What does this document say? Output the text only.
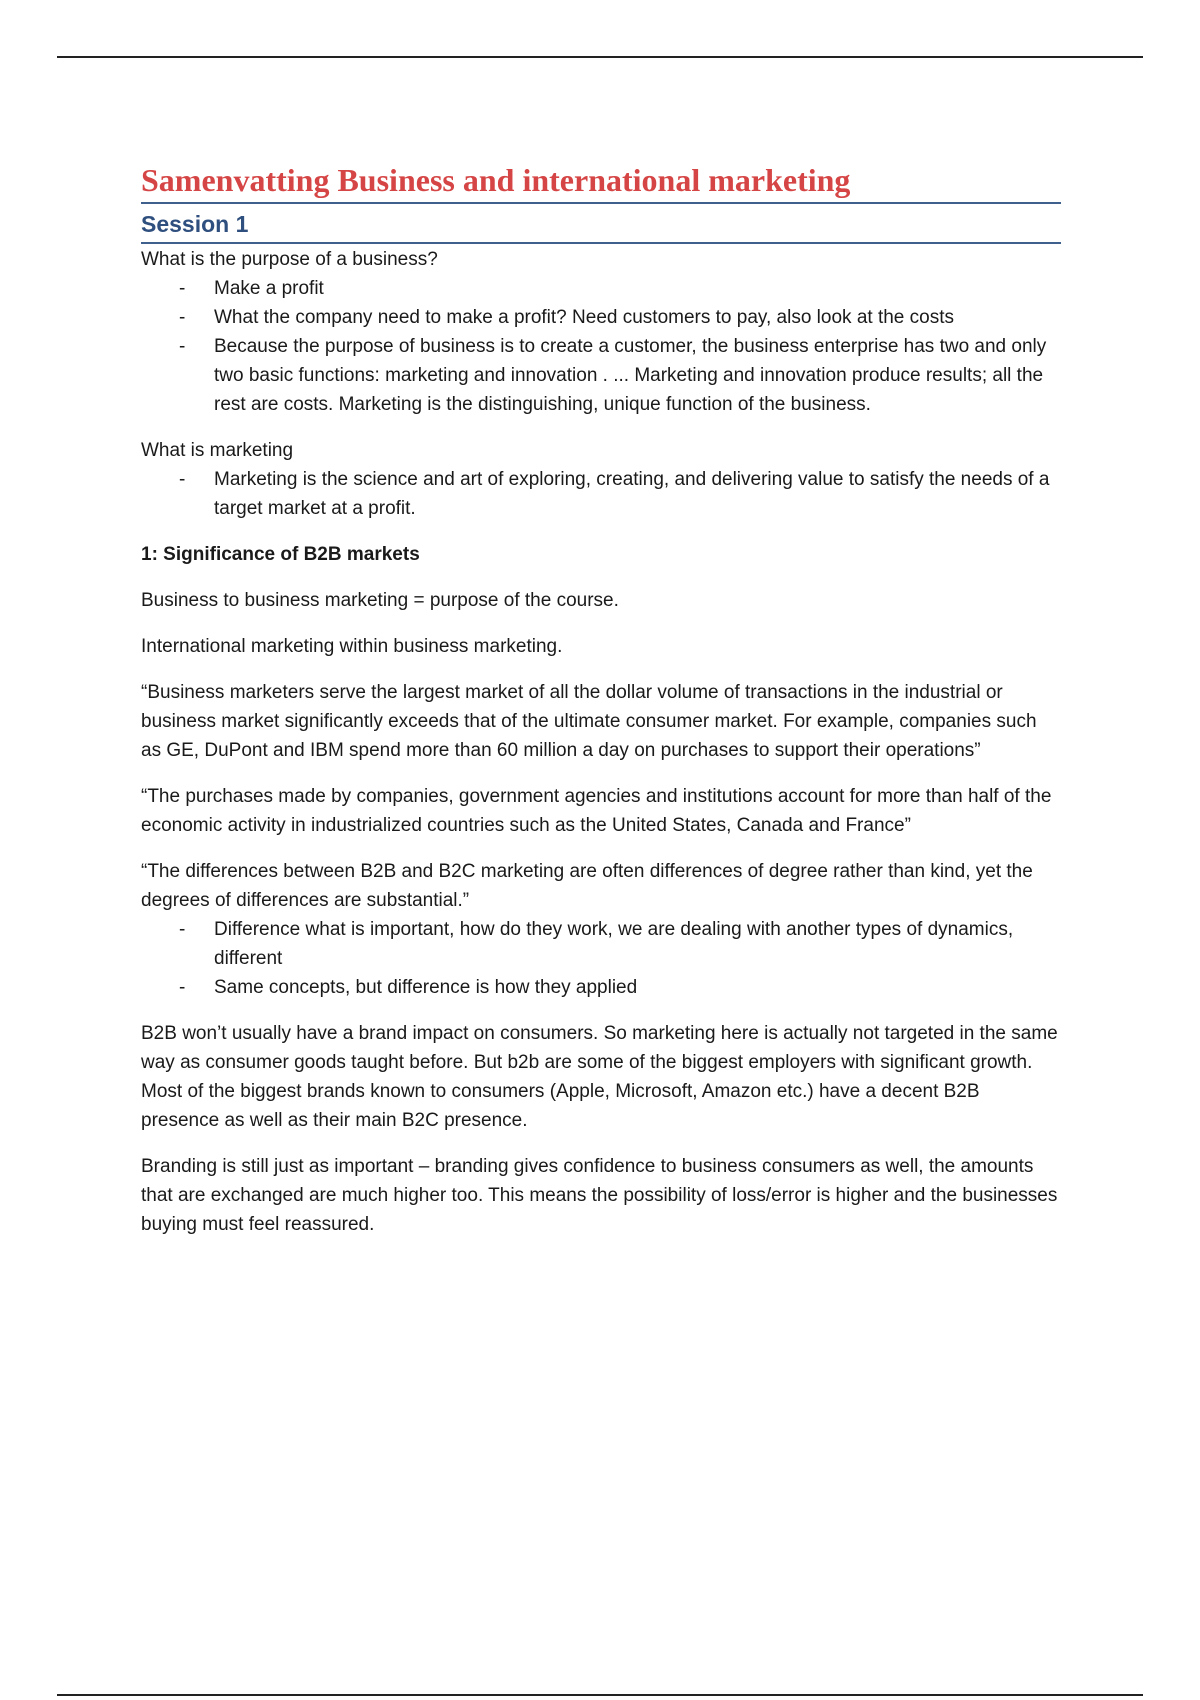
Samenvatting Business and international marketing
Session 1

What is the purpose of a business?

- Make a profit
- What the company need to make a profit? Need customers to pay, also look at the costs
- Because the purpose of business is to create a customer, the business enterprise has two and only two basic functions: marketing and innovation . ... Marketing and innovation produce results; all the rest are costs. Marketing is the distinguishing, unique function of the business.

What is marketing

- Marketing is the science and art of exploring, creating, and delivering value to satisfy the needs of a target market at a profit.

1: Significance of B2B markets

Business to business marketing = purpose of the course.

International marketing within business marketing.

“Business marketers serve the largest market of all the dollar volume of transactions in the industrial or business market significantly exceeds that of the ultimate consumer market. For example, companies such as GE, DuPont and IBM spend more than 60 million a day on purchases to support their operations”

“The purchases made by companies, government agencies and institutions account for more than half of the economic activity in industrialized countries such as the United States, Canada and France”

“The differences between B2B and B2C marketing are often differences of degree rather than kind, yet the degrees of differences are substantial.”

- Difference what is important, how do they work, we are dealing with another types of dynamics, different
- Same concepts, but difference is how they applied

B2B won’t usually have a brand impact on consumers. So marketing here is actually not targeted in the same way as consumer goods taught before. But b2b are some of the biggest employers with significant growth. Most of the biggest brands known to consumers (Apple, Microsoft, Amazon etc.) have a decent B2B presence as well as their main B2C presence.

Branding is still just as important – branding gives confidence to business consumers as well, the amounts that are exchanged are much higher too. This means the possibility of loss/error is higher and the businesses buying must feel reassured.
